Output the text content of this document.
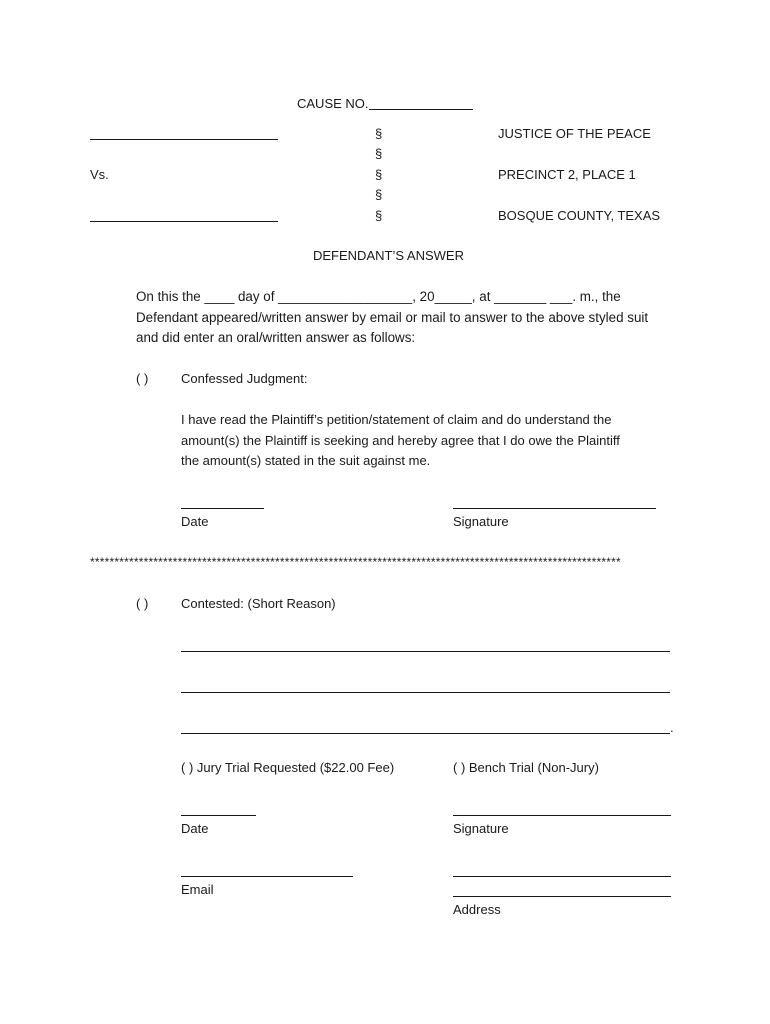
CAUSE NO.
§	JUSTICE OF THE PEACE
§
Vs.	§	PRECINCT 2, PLACE 1
§
§	BOSQUE COUNTY, TEXAS
DEFENDANT’S ANSWER
On this the ____ day of __________________, 20_____, at _______ ___. m., the
Defendant appeared/written answer by email or mail to answer to the above styled suit
and did enter an oral/written answer as follows:
( )	Confessed Judgment:
I have read the Plaintiff’s petition/statement of claim and do understand the
amount(s) the Plaintiff is seeking and hereby agree that I do owe the Plaintiff
the amount(s) stated in the suit against me.
Date	Signature
*************************************************************************************************************
( )	Contested: (Short Reason)
.
( ) Jury Trial Requested ($22.00 Fee)	( ) Bench Trial (Non-Jury)
Date	Signature
Email
Address
